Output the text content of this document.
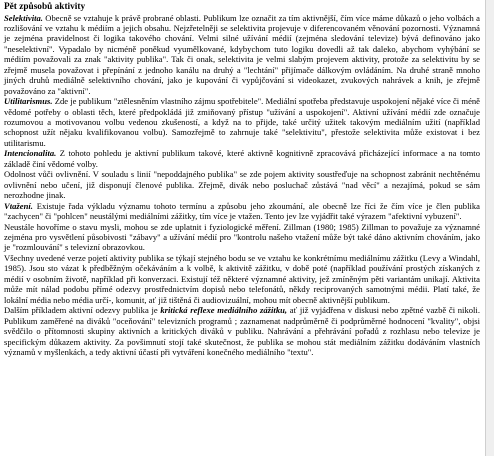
Pět způsobů aktivity

Selektivita. Obecně se vztahuje k právě probrané oblasti. Publikum lze označit za tím aktivnější, čím více máme důkazů o jeho volbách a rozlišování ve vztahu k médiím a jejich obsahu. Nejzřetelněji se selektivita projevuje v diferencovaném věnování pozornosti. Významná je zejména pravidelnost či logika takového chování. Velmi silné užívání médií (zejména sledování televize) bývá definováno jako "neselektivní". Vypadalo by nicméně poněkud vyumělkované, kdybychom tuto logiku dovedli až tak daleko, abychom vyhýbání se médiím považovali za znak "aktivity publika". Tak či onak, selektivita je velmi slabým projevem aktivity, protože za selektivitu by se zřejmě musela považovat i přepínání z jednoho kanálu na druhý a "lechtání" přijímače dálkovým ovládáním. Na druhé straně mnoho jiných druhů mediálně selektivního chování, jako je kupování či vypůjčování si videokazet, zvukových nahrávek a knih, je zřejmě považováno za "aktivní".

Utilitarismus. Zde je publikum "ztělesněním vlastního zájmu spotřebitele". Mediální spotřeba představuje uspokojení nějaké více či méně vědomé potřeby o oblasti těch, které předpokládá již zmiňovaný přístup "užívání a uspokojení". Aktivní užívání médií zde označuje rozumovou a motivovanou volbu vedenou zkušeností, a když na to přijde, také určitý užitek takovým mediálním užití (například schopnost užít nějaku kvalifikovanou volbu). Samozřejmě to zahrnuje také "selektivitu", přestože selektivita může existovat i bez utilitarismu.

Intencionalita. Z tohoto pohledu je aktivní publikum takové, které aktivně kognitivně zpracovává přicházející informace a na tomto základě činí vědomé volby.

Odolnost vůči ovlivnění. V souladu s linií "nepoddajného publika" se zde pojem aktivity soustřeďuje na schopnost zabránit nechtěnému ovlivnění nebo učení, již disponují členové publika. Zřejmě, divák nebo posluchač zůstává "nad věcí" a nezajímá, pokud se sám nerozhodne jinak.

Vtažení. Existuje řada výkladu významu tohoto termínu a způsobu jeho zkoumání, ale obecně lze říci že čím více je člen publika "zachycen" či "pohlcen" neustálými mediálními zážitky, tím více je vtažen. Tento jev lze vyjádřit také výrazem "afektivní vybuzení".

Neustále hovoříme o stavu mysli, mohou se zde uplatnit i fyziologické měření. Zillman (1980; 1985) Zillman to považuje za významné zejména pro vysvětlení působivosti "zábavy" a užívání médií pro "kontrolu našeho vtažení může být také dáno aktivním chováním, jako je "rozmlouvání" s televizní obrazovkou.

Všechny uvedené verze pojetí aktivity publika se týkají stejného bodu se ve vztahu ke konkrétnímu mediálnímu zážitku (Levy a Windahl, 1985). Jsou sto vázat k předběžným očekáváním a k volbě, k aktivitě zážitku, v době poté (například používání prostých získaných z médií v osobním životě, například při konverzaci. Existují též některé významné aktivity, jež zmíněným pěti variantám unikají. Aktivita může mít nálad podobu přímé odezvy prostřednictvím dopisů nebo telefonátů, někdy reciprovaných samotnými médii. Platí také, že lokální média nebo média určí-, komunit, ať již tištěná či audiovizuální, mohou mít obecně aktivnější publikum.

Dalším příkladem aktivní odezvy publika je kritická reflexe mediálního zážitku, ať již vyjádřena v diskusi nebo zpětné vazbě či nikoli. Publikum zaměřené na diváků "oceňování" televizních programů ; zaznamenat nadprůměrně či podprůměrné hodnocení "kvality", objsi svědčilo o přítomnosti skupiny aktivních a kritických diváků v publiku. Nahrávání a přehrávání pořadů z rozhlasu nebo televize je specifickým důkazem aktivity. Za povšimnutí stojí také skutečnost, že publika se mohou stát mediálním zážitku dodáváním vlastních významů v myšlenkách, a tedy aktivní účastí při vytváření konečného mediálního "textu".
